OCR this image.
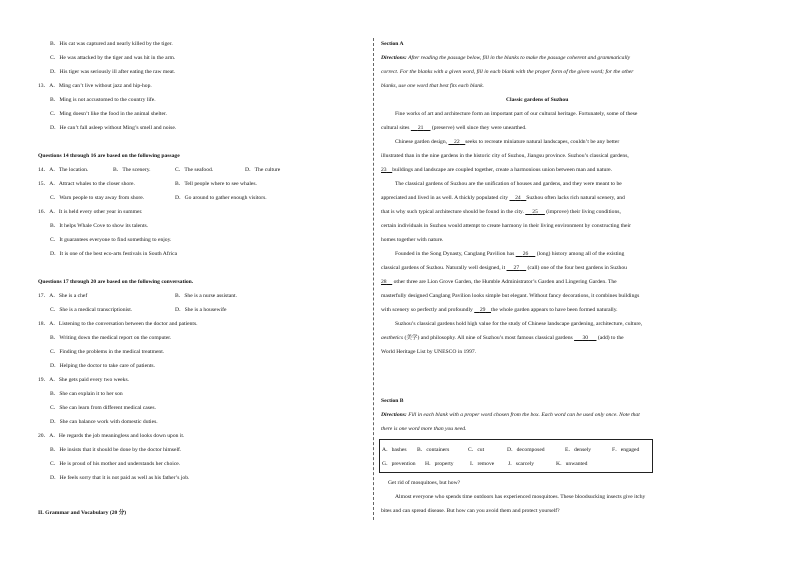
B．His cat was captured and nearly killed by the tiger.
C．He was attacked by the tiger and was hit in the arm.
D．His tiger was seriously ill after eating the raw meat.
13．A．Ming can’t live without jazz and hip-hop.
B．Ming is not accustomed to the country life.
C．Ming doesn’t like the food in the animal shelter.
D．He can’t fall asleep without Ming’s smell and noise.
Questions 14 through 16 are based on the following passage
14．A．The location.	B．The scenery.	C．The seafood.	D．The culture
15．A．Attract whales to the closer shore.	B．Tell people where to see whales.
C．Warn people to stay away from shore.	D．Go around to gather enough visitors.
16．A．It is held every other year in summer.
B．It helps Whale Cove to show its talents.
C．It guarantees everyone to find something to enjoy.
D．It is one of the best eco-arts festivals in South Africa
Questions 17 through 20 are based on the following conversation.
17．A．She is a chef	B．She is a nurse assistant.
C．She is a medical transcriptionist.	D．She is a housewife
18．A．Listening to the conversation between the doctor and patients.
B．Writing down the medical report on the computer.
C．Finding the problems in the medical treatment.
D．Helping the doctor to take care of patients.
19．A．She gets paid every two weeks.
B．She can explain it to her son
C．She can learn from different medical cases.
D．She can balance work with domestic duties.
20．A．He regards the job meaningless and looks down upon it.
B．He insists that it should be done by the doctor himself.
C．He is proud of his mother and understands her choice.
D．He feels sorry that it is not paid as well as his father’s job.
II. Grammar and Vocabulary (20 分)
Section A
Directions: After reading the passage below, fill in the blanks to make the passage coherent and grammatically
correct. For the blanks with a given word, fill in each blank with the proper form of the given word; for the other
blanks, use one word that best fits each blank.
Classic gardens of Suzhou
Fine works of art and architecture form an important part of our cultural heritage. Fortunately, some of these
cultural sites 21 (preserve) well since they were unearthed.
Chinese garden design, 22 seeks to recreate miniature natural landscapes, couldn’t be any better
illustrated than in the nine gardens in the historic city of Suzhou, Jiangsu province. Suzhou’s classical gardens,
23 buildings and landscape are coupled together, create a harmonious union between man and nature.
The classical gardens of Suzhou are the unification of houses and gardens, and they were meant to be
appreciated and lived in as well. A thickly populated city 24 Suzhou often lacks rich natural scenery, and
that is why such typical architecture should be found in the city. 25 (improve) their living conditions,
certain individuals in Suzhou would attempt to create harmony in their living environment by constructing their
homes together with nature.
Founded in the Song Dynasty, Canglang Pavilion has 26 (long) history among all of the existing
classical gardens of Suzhou. Naturally well designed, it 27 (call) one of the four best gardens in Suzhou
28 other three are Lion Grove Garden, the Humble Administrator’s Garden and Lingering Garden. The
masterfully designed Canglang Pavilion looks simple but elegant. Without fancy decorations, it combines buildings
with scenery so perfectly and profoundly 29 the whole garden appears to have been formed naturally.
Suzhou’s classical gardens hold high value for the study of Chinese landscape gardening, architecture, culture,
aesthetics (美学) and philosophy. All nine of Suzhou’s most famous classical gardens 30 (add) to the
World Heritage List by UNESCO in 1997.
Section B
Directions: Fill in each blank with a proper word chosen from the box. Each word can be used only once. Note that
there is one word more than you need.
A．bashes B．containers	C．cut	D．decomposed	E．densely	F．engaged
G．prevention H．property	I．remove J．scarcely	K．unwanted
Get rid of mosquitoes, but how?
Almost everyone who spends time outdoors has experienced mosquitoes. These bloodsucking insects give itchy
bites and can spread disease. But how can you avoid them and protect yourself?
